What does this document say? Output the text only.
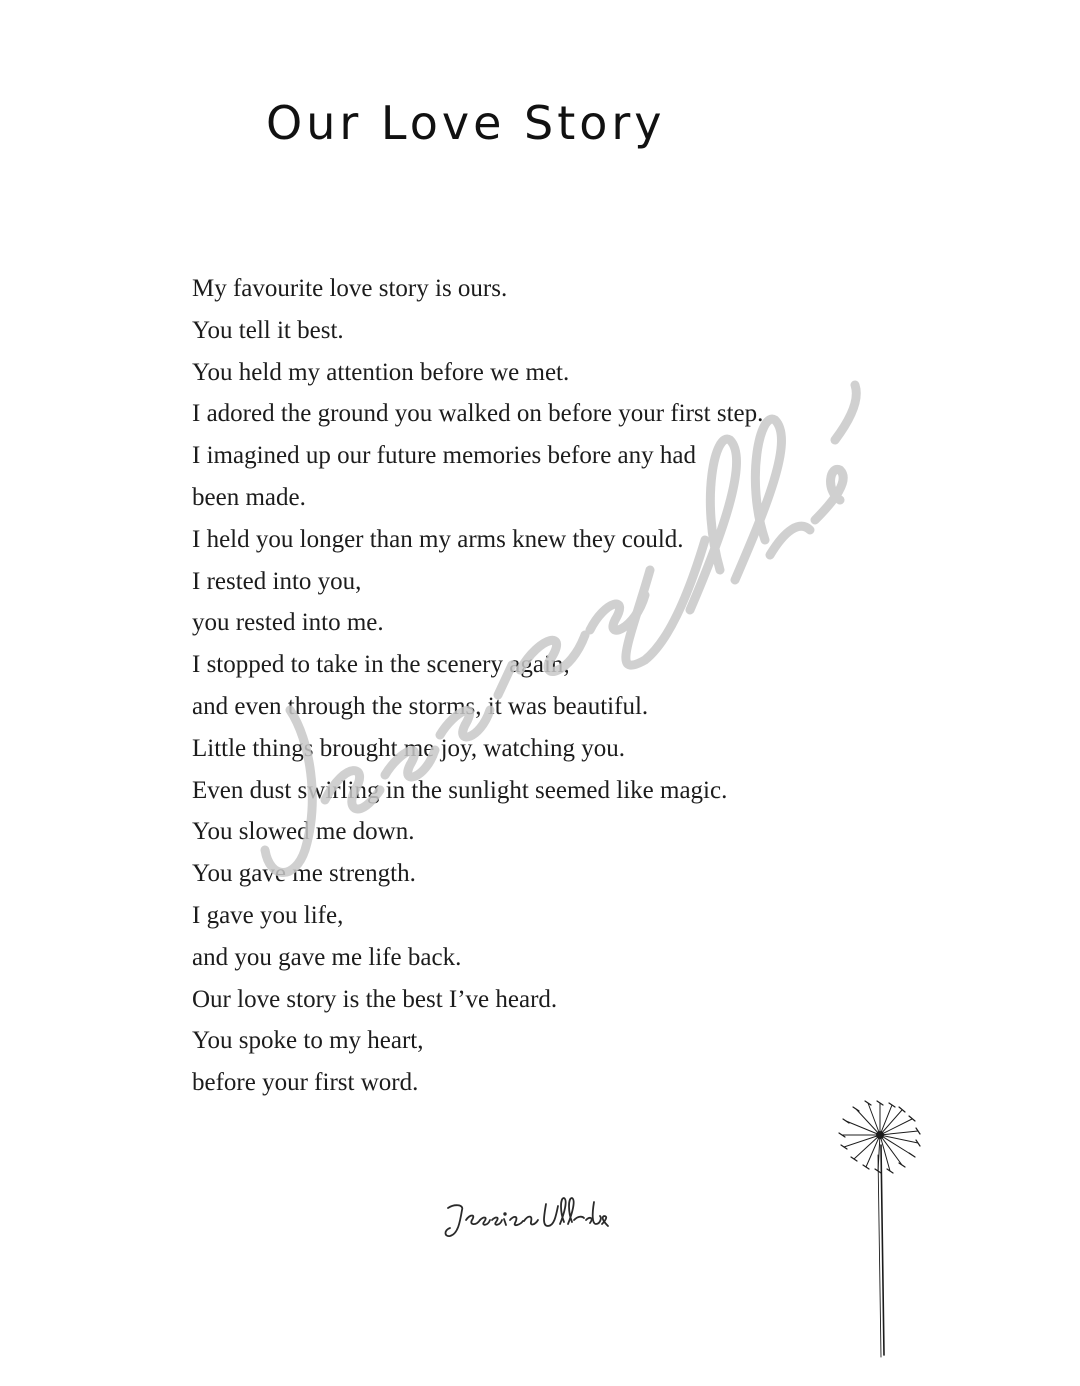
Our Love Story
My favourite love story is ours.
You tell it best.
You held my attention before we met.
I adored the ground you walked on before your first step.
I imagined up our future memories before any had
been made.
I held you longer than my arms knew they could.
I rested into you,
you rested into me.
I stopped to take in the scenery again,
and even through the storms, it was beautiful.
Little things brought me joy, watching you.
Even dust swirling in the sunlight seemed like magic.
You slowed me down.
You gave me strength.
I gave you life,
and you gave me life back.
Our love story is the best I’ve heard.
You spoke to my heart,
before your first word.
